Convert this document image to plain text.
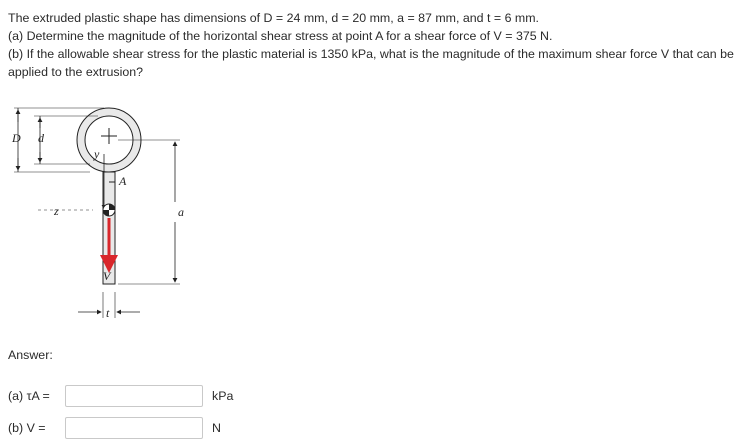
The extruded plastic shape has dimensions of D = 24 mm, d = 20 mm, a = 87 mm, and t = 6 mm.

(a) Determine the magnitude of the horizontal shear stress at point A for a shear force of V = 375 N.

(b) If the allowable shear stress for the plastic material is 1350 kPa, what is the magnitude of the maximum shear force V that can be applied to the extrusion?

y
A
z
V
D d
a
t
Answer:
(a) τA =	kPa
(b) V =	N
